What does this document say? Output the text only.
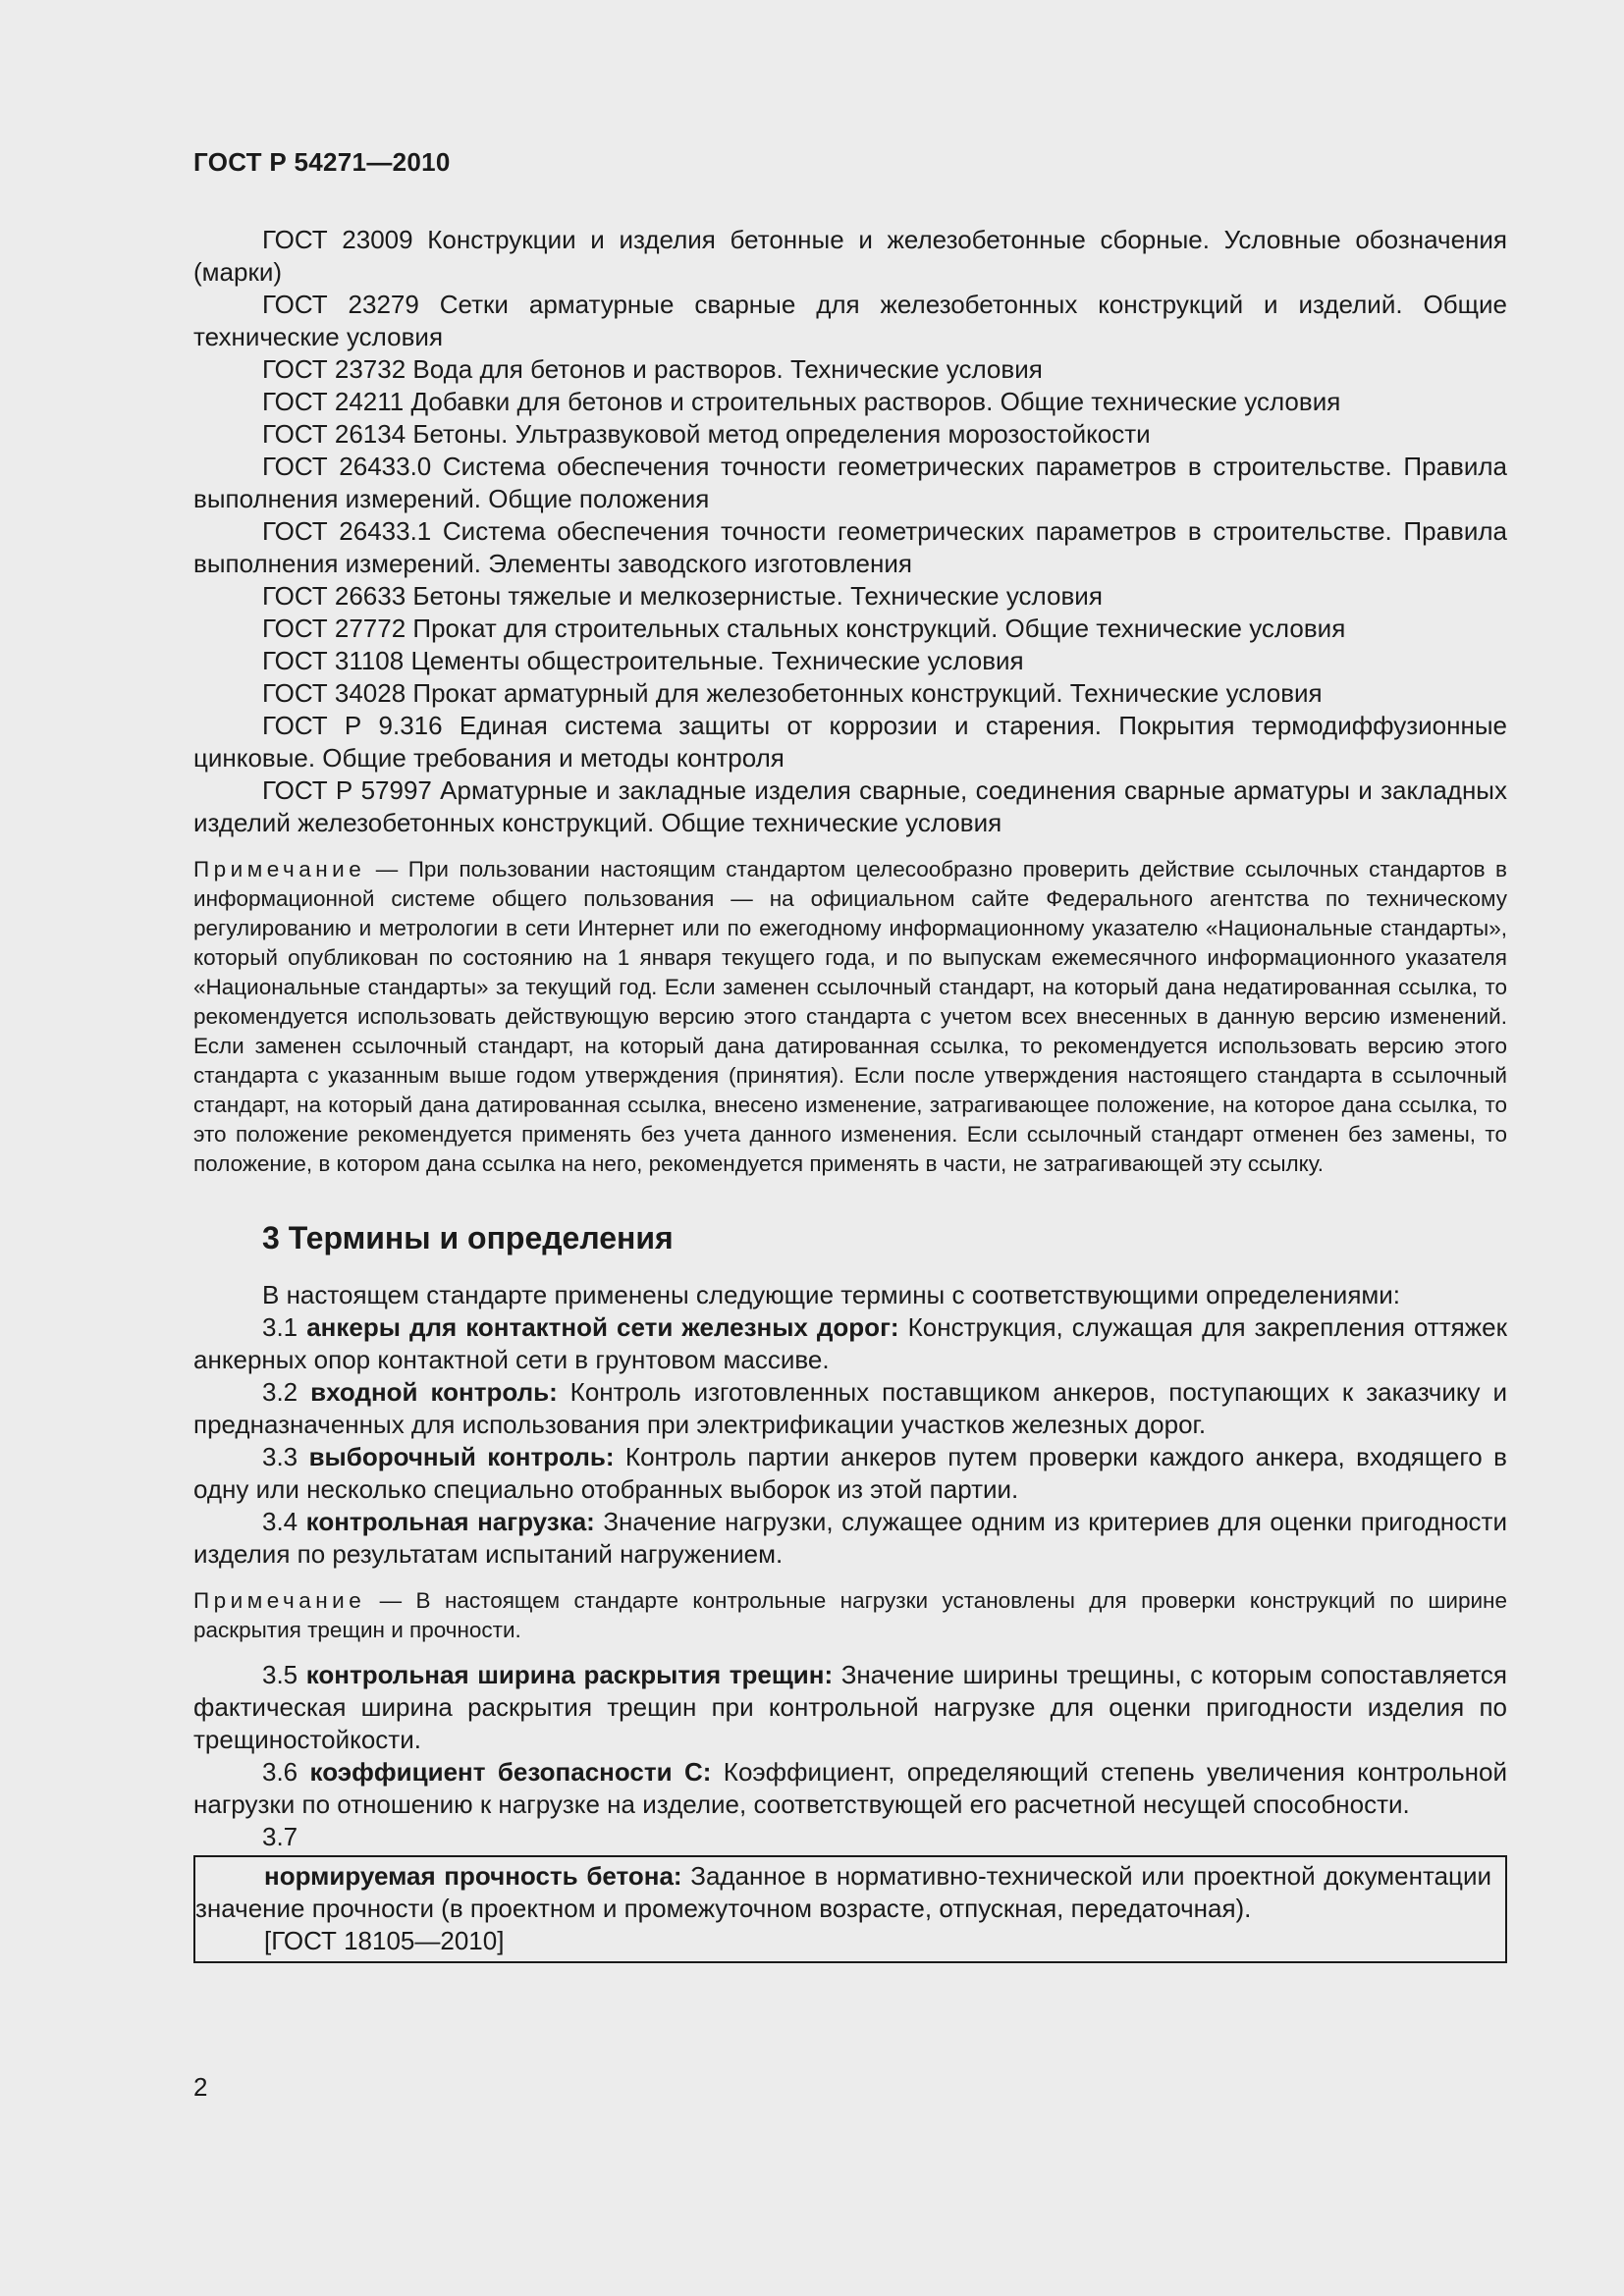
ГОСТ Р 54271—2010

ГОСТ 23009 Конструкции и изделия бетонные и железобетонные сборные. Условные обозначения (марки)

ГОСТ 23279 Сетки арматурные сварные для железобетонных конструкций и изделий. Общие технические условия

ГОСТ 23732 Вода для бетонов и растворов. Технические условия

ГОСТ 24211 Добавки для бетонов и строительных растворов. Общие технические условия

ГОСТ 26134 Бетоны. Ультразвуковой метод определения морозостойкости

ГОСТ 26433.0 Система обеспечения точности геометрических параметров в строительстве. Правила выполнения измерений. Общие положения

ГОСТ 26433.1 Система обеспечения точности геометрических параметров в строительстве. Правила выполнения измерений. Элементы заводского изготовления

ГОСТ 26633 Бетоны тяжелые и мелкозернистые. Технические условия

ГОСТ 27772 Прокат для строительных стальных конструкций. Общие технические условия

ГОСТ 31108 Цементы общестроительные. Технические условия

ГОСТ 34028 Прокат арматурный для железобетонных конструкций. Технические условия

ГОСТ Р 9.316 Единая система защиты от коррозии и старения. Покрытия термодиффузионные цинковые. Общие требования и методы контроля

ГОСТ Р 57997 Арматурные и закладные изделия сварные, соединения сварные арматуры и закладных изделий железобетонных конструкций. Общие технические условия

Примечание — При пользовании настоящим стандартом целесообразно проверить действие ссылочных стандартов в информационной системе общего пользования — на официальном сайте Федерального агентства по техническому регулированию и метрологии в сети Интернет или по ежегодному информационному указателю «Национальные стандарты», который опубликован по состоянию на 1 января текущего года, и по выпускам ежемесячного информационного указателя «Национальные стандарты» за текущий год. Если заменен ссылочный стандарт, на который дана недатированная ссылка, то рекомендуется использовать действующую версию этого стандарта с учетом всех внесенных в данную версию изменений. Если заменен ссылочный стандарт, на который дана датированная ссылка, то рекомендуется использовать версию этого стандарта с указанным выше годом утверждения (принятия). Если после утверждения настоящего стандарта в ссылочный стандарт, на который дана датированная ссылка, внесено изменение, затрагивающее положение, на которое дана ссылка, то это положение рекомендуется применять без учета данного изменения. Если ссылочный стандарт отменен без замены, то положение, в котором дана ссылка на него, рекомендуется применять в части, не затрагивающей эту ссылку.

3 Термины и определения

В настоящем стандарте применены следующие термины с соответствующими определениями:

3.1 анкеры для контактной сети железных дорог: Конструкция, служащая для закрепления оттяжек анкерных опор контактной сети в грунтовом массиве.

3.2 входной контроль: Контроль изготовленных поставщиком анкеров, поступающих к заказчику и предназначенных для использования при электрификации участков железных дорог.

3.3 выборочный контроль: Контроль партии анкеров путем проверки каждого анкера, входящего в одну или несколько специально отобранных выборок из этой партии.

3.4 контрольная нагрузка: Значение нагрузки, служащее одним из критериев для оценки пригодности изделия по результатам испытаний нагружением.

Примечание — В настоящем стандарте контрольные нагрузки установлены для проверки конструкций по ширине раскрытия трещин и прочности.

3.5 контрольная ширина раскрытия трещин: Значение ширины трещины, с которым сопоставляется фактическая ширина раскрытия трещин при контрольной нагрузке для оценки пригодности изделия по трещиностойкости.

3.6 коэффициент безопасности С: Коэффициент, определяющий степень увеличения контрольной нагрузки по отношению к нагрузке на изделие, соответствующей его расчетной несущей способности.

3.7

нормируемая прочность бетона: Заданное в нормативно-технической или проектной документации значение прочности (в проектном и промежуточном возрасте, отпускная, передаточная).

[ГОСТ 18105—2010]

2
